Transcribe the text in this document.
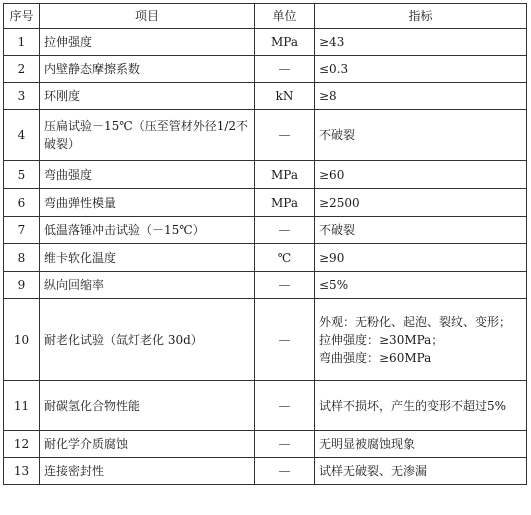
序号	项目	单位	指标
1	拉伸强度	MPa	≥43

2	内壁静态摩擦系数	—	≤0.3

3	环刚度	kN	≥8

4	压扁试验－15℃（压至管材外径1/2不破裂）	—	不破裂

5	弯曲强度	MPa	≥60

6	弯曲弹性模量	MPa	≥2500

7	低温落锤冲击试验（－15℃）	—	不破裂

8	维卡软化温度	℃	≥90

9	纵向回缩率	—	≤5%

10	耐老化试验（氙灯老化 30d）	—	外观：无粉化、起泡、裂纹、变形；
拉伸强度：≥30MPa；
弯曲强度：≥60MPa

11	耐碳氢化合物性能	—	试样不损坏，产生的变形不超过5%

12	耐化学介质腐蚀	—	无明显被腐蚀现象

13	连接密封性	—	试样无破裂、无渗漏
